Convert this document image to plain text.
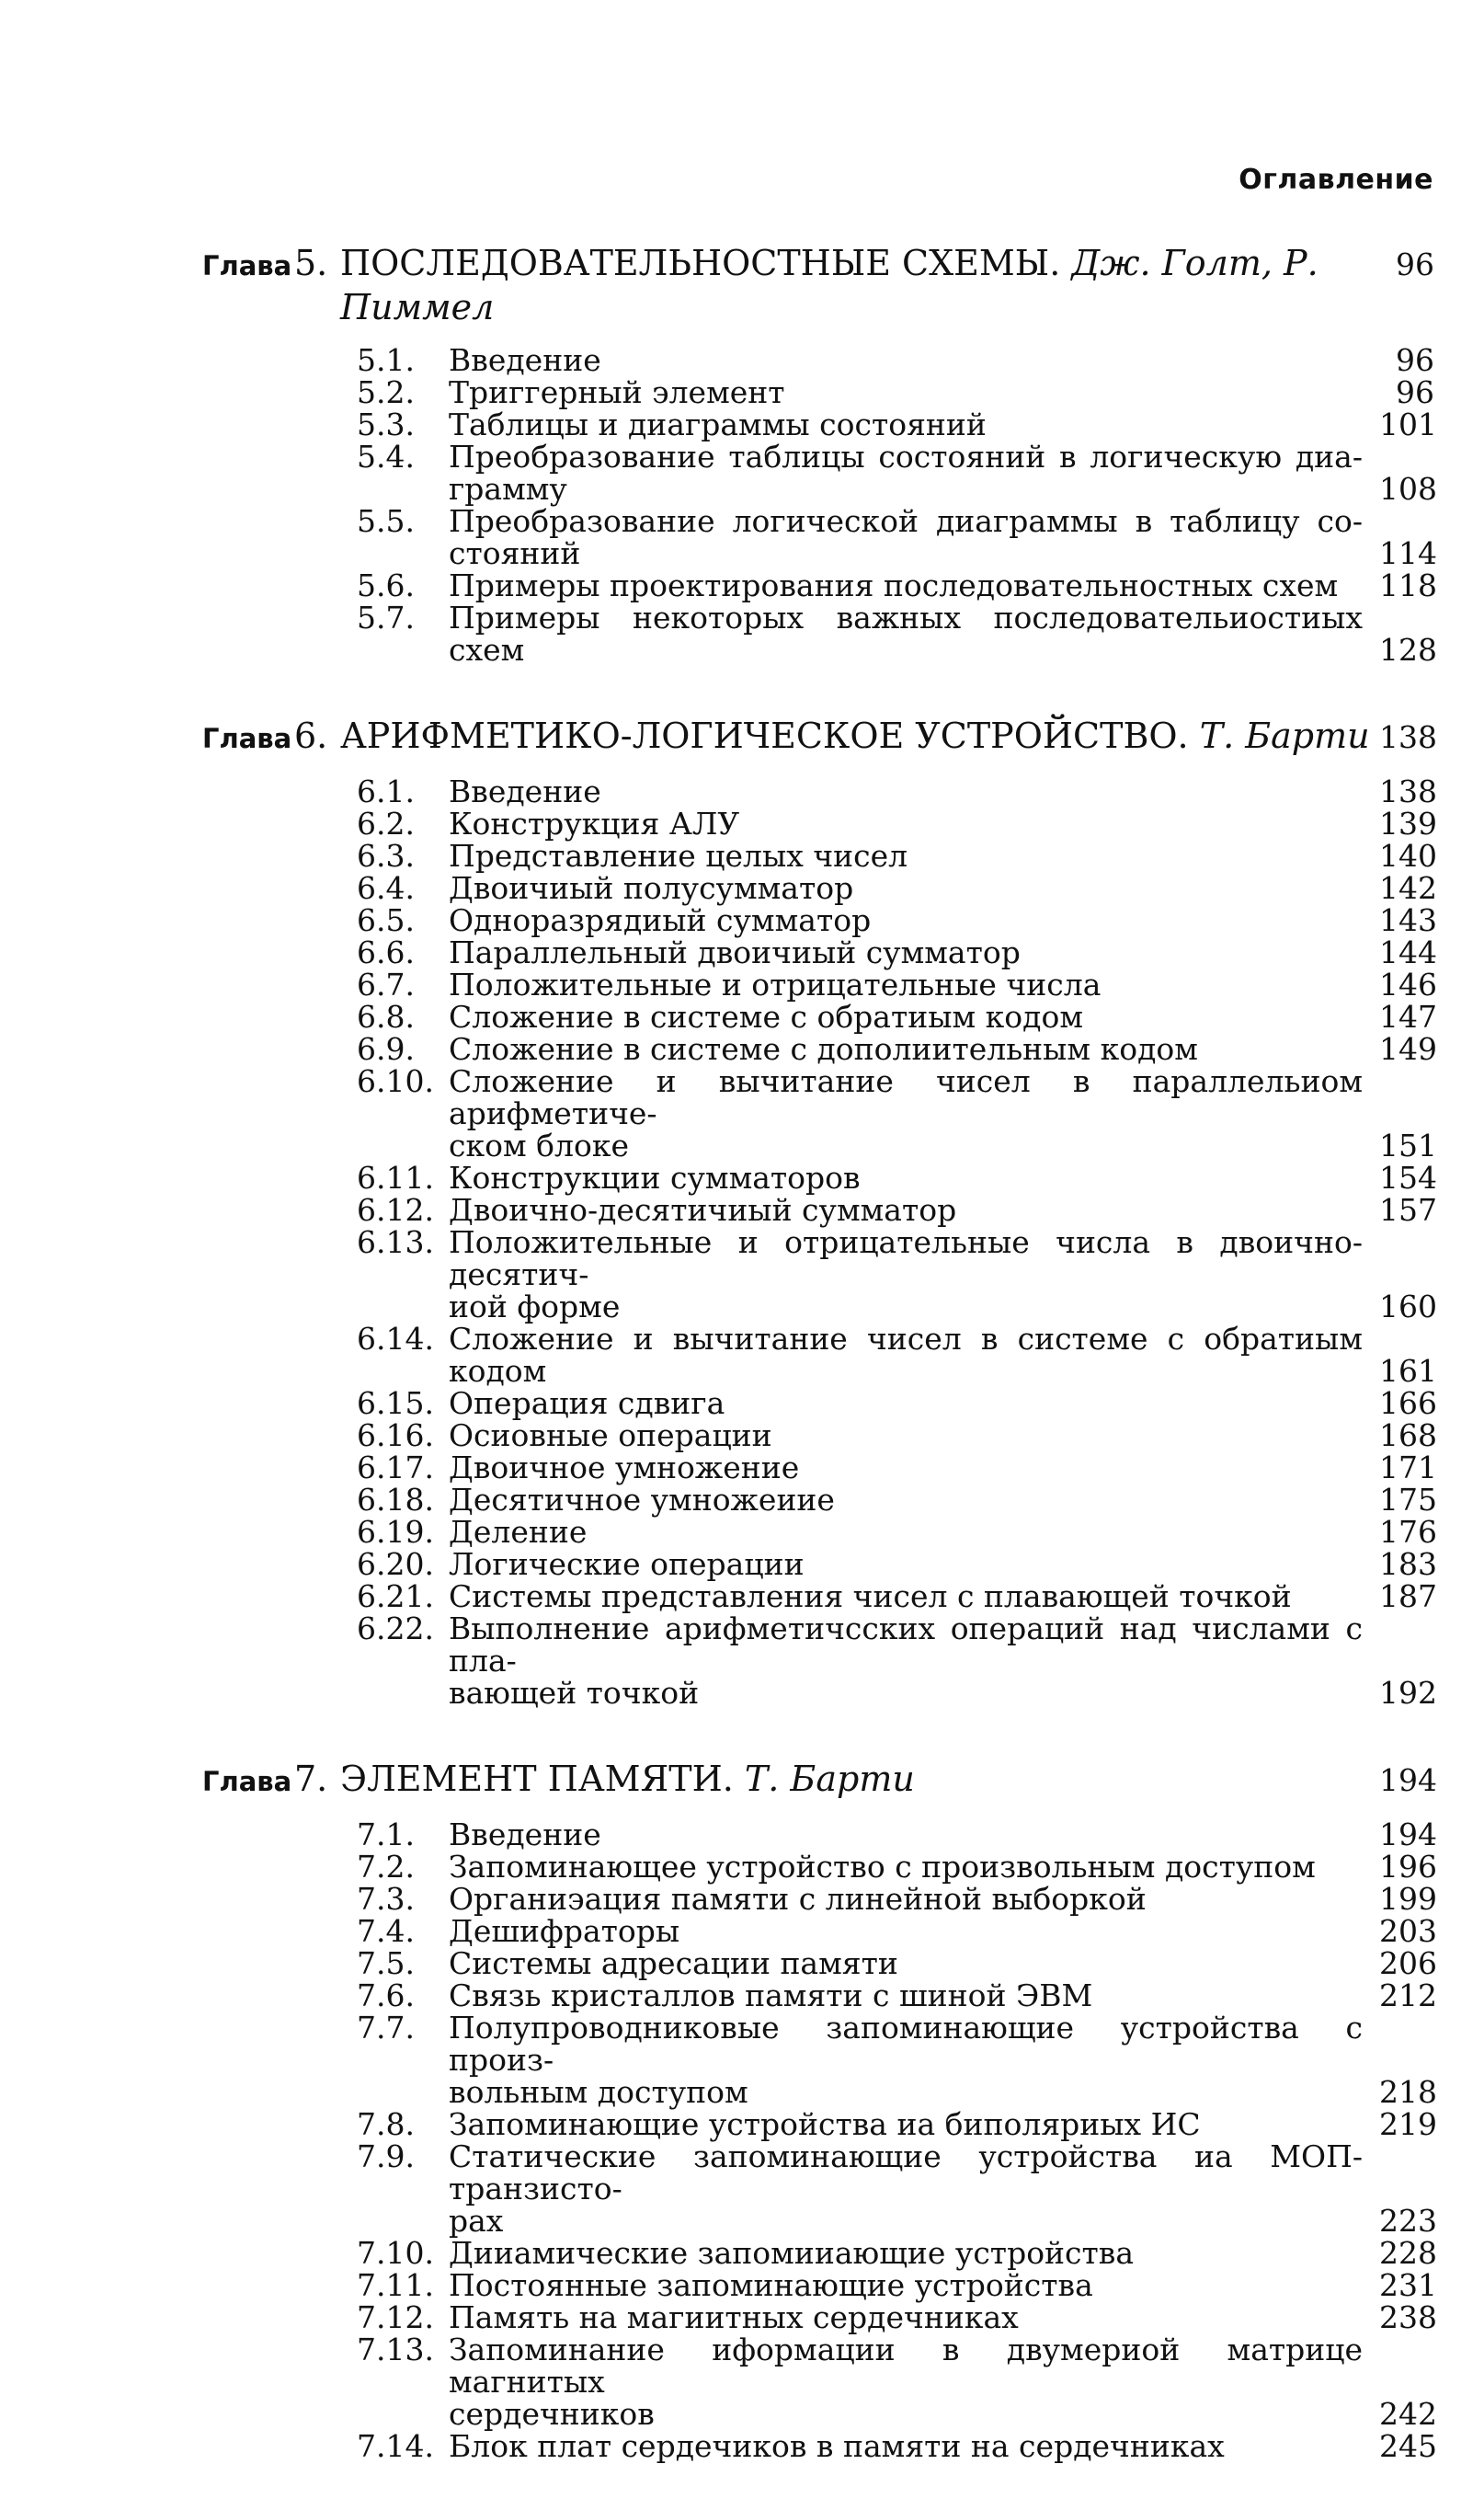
Оглавление
Глава 5. ПОСЛЕДОВАТЕЛЬНОСТНЫЕ СХЕМЫ. Дж. Голт, Р. Пиммел
96
5.1.	Введение	96
5.2.	Триггерный элемент	96
5.3.	Таблицы и диаграммы состояний	101
5.4.	Преобразование таблицы состояний в логическую диа-
грамму	108
5.5.	Преобразование логической диаграммы в таблицу со-
стояний	114
5.6.	Примеры проектирования последовательностных схем	118
5.7.	Примеры некоторых важных последовательиостиых схем	128
Глава 6. АРИФМЕТИКО-ЛОГИЧЕСКОЕ УСТРОЙСТВО. Т. Барти 138
6.1.	Введение	138
6.2.	Конструкция АЛУ	139
6.3.	Представление целых чисел	140
6.4.	Двоичиый полусумматор	142
6.5.	Одноразрядиый сумматор	143
6.6.	Параллельный двоичиый сумматор	144
6.7.	Положительные и отрицательные числа	146
6.8.	Сложение в системе с обратиым кодом	147
6.9.	Сложение в системе с дополиительным кодом	149
6.10. Сложение и вычитание чисел в параллельиом арифметиче-
ском блоке	151
6.11. Конструкции сумматоров	154
6.12. Двоично-десятичиый сумматор	157
6.13. Положительные и отрицательные числа в двоично-десятич-
иой форме	160
6.14. Сложение и вычитание чисел в системе с обратиым кодом	161
6.15. Операция сдвига	166
6.16. Осиовные операции	168
6.17. Двоичное умножение	171
6.18. Десятичное умножеиие	175
6.19. Деление	176
6.20. Логические операции	183
6.21. Системы представления чисел с плавающей точкой	187
6.22. Выполнение арифметичсских операций над числами с пла-
вающей точкой	192
Глава 7. ЭЛЕМЕНТ ПАМЯТИ. Т. Барти	194
7.1.	Введение	194
7.2.	Запоминающее устройство с произвольным доступом	196
7.3.	Органиэация памяти с линейной выборкой	199
7.4.	Дешифраторы	203
7.5.	Системы адресации памяти	206
7.6.	Связь кристаллов памяти с шиной ЭВМ	212
7.7.	Полупроводниковые запоминающие устройства с произ-
вольным доступом	218
7.8.	Запоминающие устройства иа биполяриых ИС	219
7.9.	Статические запоминающие устройства иа МОП-транзисто-
рах	223
7.10. Дииамические запомииающие устройства	228
7.11. Постоянные запоминающие устройства	231
7.12. Память на магиитных сердечниках	238
7.13. Запоминание иформации в двумериой матрице магнитых
сердечников	242
7.14. Блок плат сердечиков в памяти на сердечниках	245
